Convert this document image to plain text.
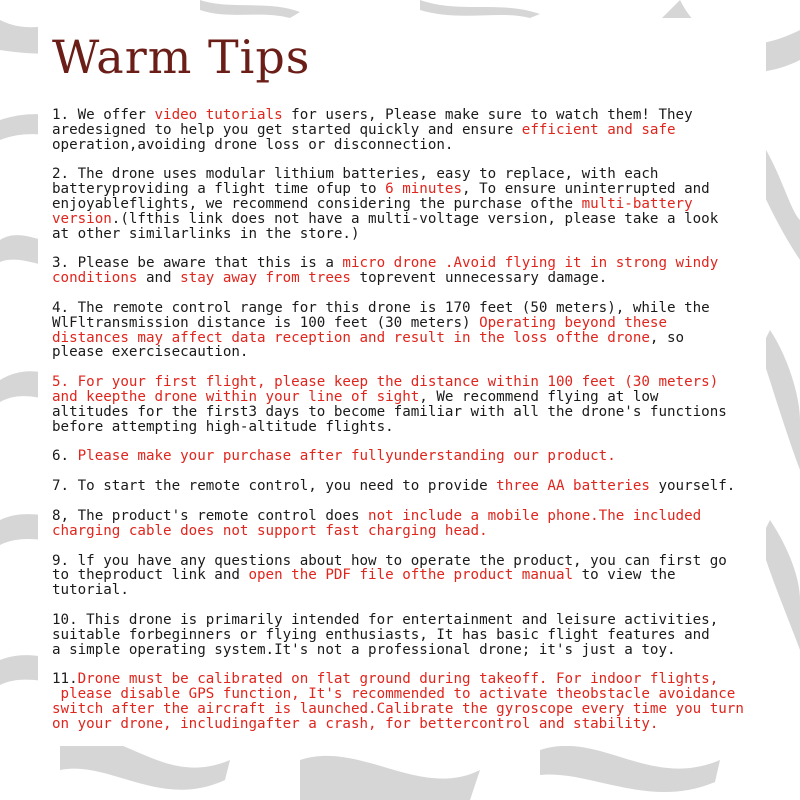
Warm Tips
1. We offer video tutorials for users, Please make sure to watch them! They
aredesigned to help you get started quickly and ensure efficient and safe
operation,avoiding drone loss or disconnection.
2. The drone uses modular lithium batteries, easy to replace, with each
batteryproviding a flight time ofup to 6 minutes, To ensure uninterrupted and
enjoyableflights, we recommend considering the purchase ofthe multi-battery
version.(lfthis link does not have a multi-voltage version, please take a look
at other similarlinks in the store.)
3. Please be aware that this is a micro drone .Avoid flying it in strong windy
conditions and stay away from trees toprevent unnecessary damage.
4. The remote control range for this drone is 170 feet (50 meters), while the
WlFltransmission distance is 100 feet (30 meters) Operating beyond these
distances may affect data reception and result in the loss ofthe drone, so
please exercisecaution.
5. For your first flight, please keep the distance within 100 feet (30 meters)
and keepthe drone within your line of sight, We recommend flying at low
altitudes for the first3 days to become familiar with all the drone's functions
before attempting high-altitude flights.
6. Please make your purchase after fullyunderstanding our product.
7. To start the remote control, you need to provide three AA batteries yourself.
8, The product's remote control does not include a mobile phone.The included
charging cable does not support fast charging head.
9. lf you have any questions about how to operate the product, you can first go
to theproduct link and open the PDF file ofthe product manual to view the
tutorial.
10. This drone is primarily intended for entertainment and leisure activities,
suitable forbeginners or flying enthusiasts, It has basic flight features and
a simple operating system.It's not a professional drone; it's just a toy.
11.Drone must be calibrated on flat ground during takeoff. For indoor flights,
please disable GPS function, It's recommended to activate theobstacle avoidance
switch after the aircraft is launched.Calibrate the gyroscope every time you turn
on your drone, includingafter a crash, for bettercontrol and stability.
